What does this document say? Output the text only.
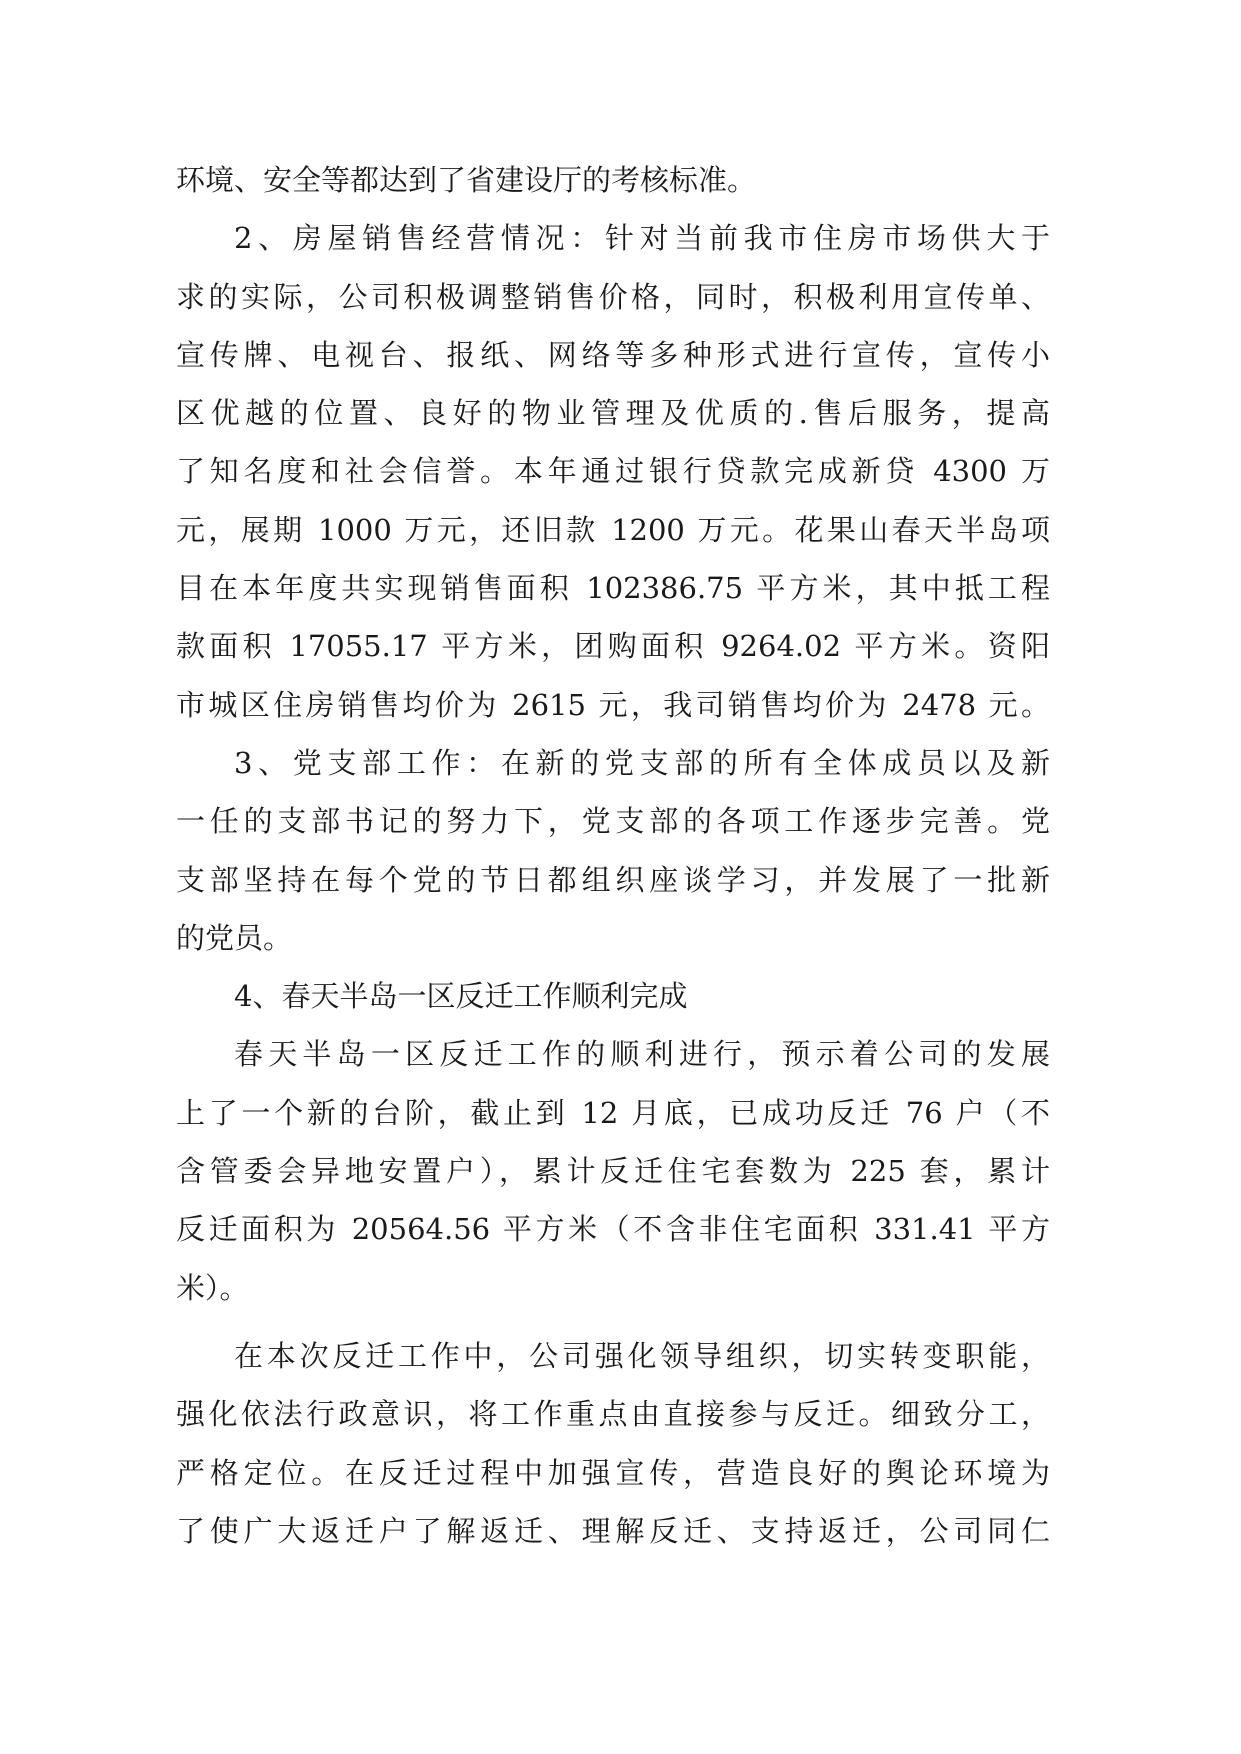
环境、安全等都达到了省建设厅的考核标准。
2、房屋销售经营情况：针对当前我市住房市场供大于
求的实际，公司积极调整销售价格，同时，积极利用宣传单、
宣传牌、电视台、报纸、网络等多种形式进行宣传，宣传小
区优越的位置、良好的物业管理及优质的.售后服务，提高
了知名度和社会信誉。本年通过银行贷款完成新贷 4300 万
元，展期 1000 万元，还旧款 1200 万元。花果山春天半岛项
目在本年度共实现销售面积 102386.75 平方米，其中抵工程
款面积 17055.17 平方米，团购面积 9264.02 平方米。资阳
市城区住房销售均价为 2615 元，我司销售均价为 2478 元。
3、党支部工作：在新的党支部的所有全体成员以及新
一任的支部书记的努力下，党支部的各项工作逐步完善。党
支部坚持在每个党的节日都组织座谈学习，并发展了一批新
的党员。
4、春天半岛一区反迁工作顺利完成
春天半岛一区反迁工作的顺利进行，预示着公司的发展
上了一个新的台阶，截止到 12 月底，已成功反迁 76 户（不
含管委会异地安置户），累计反迁住宅套数为 225 套，累计
反迁面积为 20564.56 平方米（不含非住宅面积 331.41 平方
米）。
在本次反迁工作中，公司强化领导组织，切实转变职能，
强化依法行政意识，将工作重点由直接参与反迁。细致分工，
严格定位。在反迁过程中加强宣传，营造良好的舆论环境为
了使广大返迁户了解返迁、理解反迁、支持返迁，公司同仁
